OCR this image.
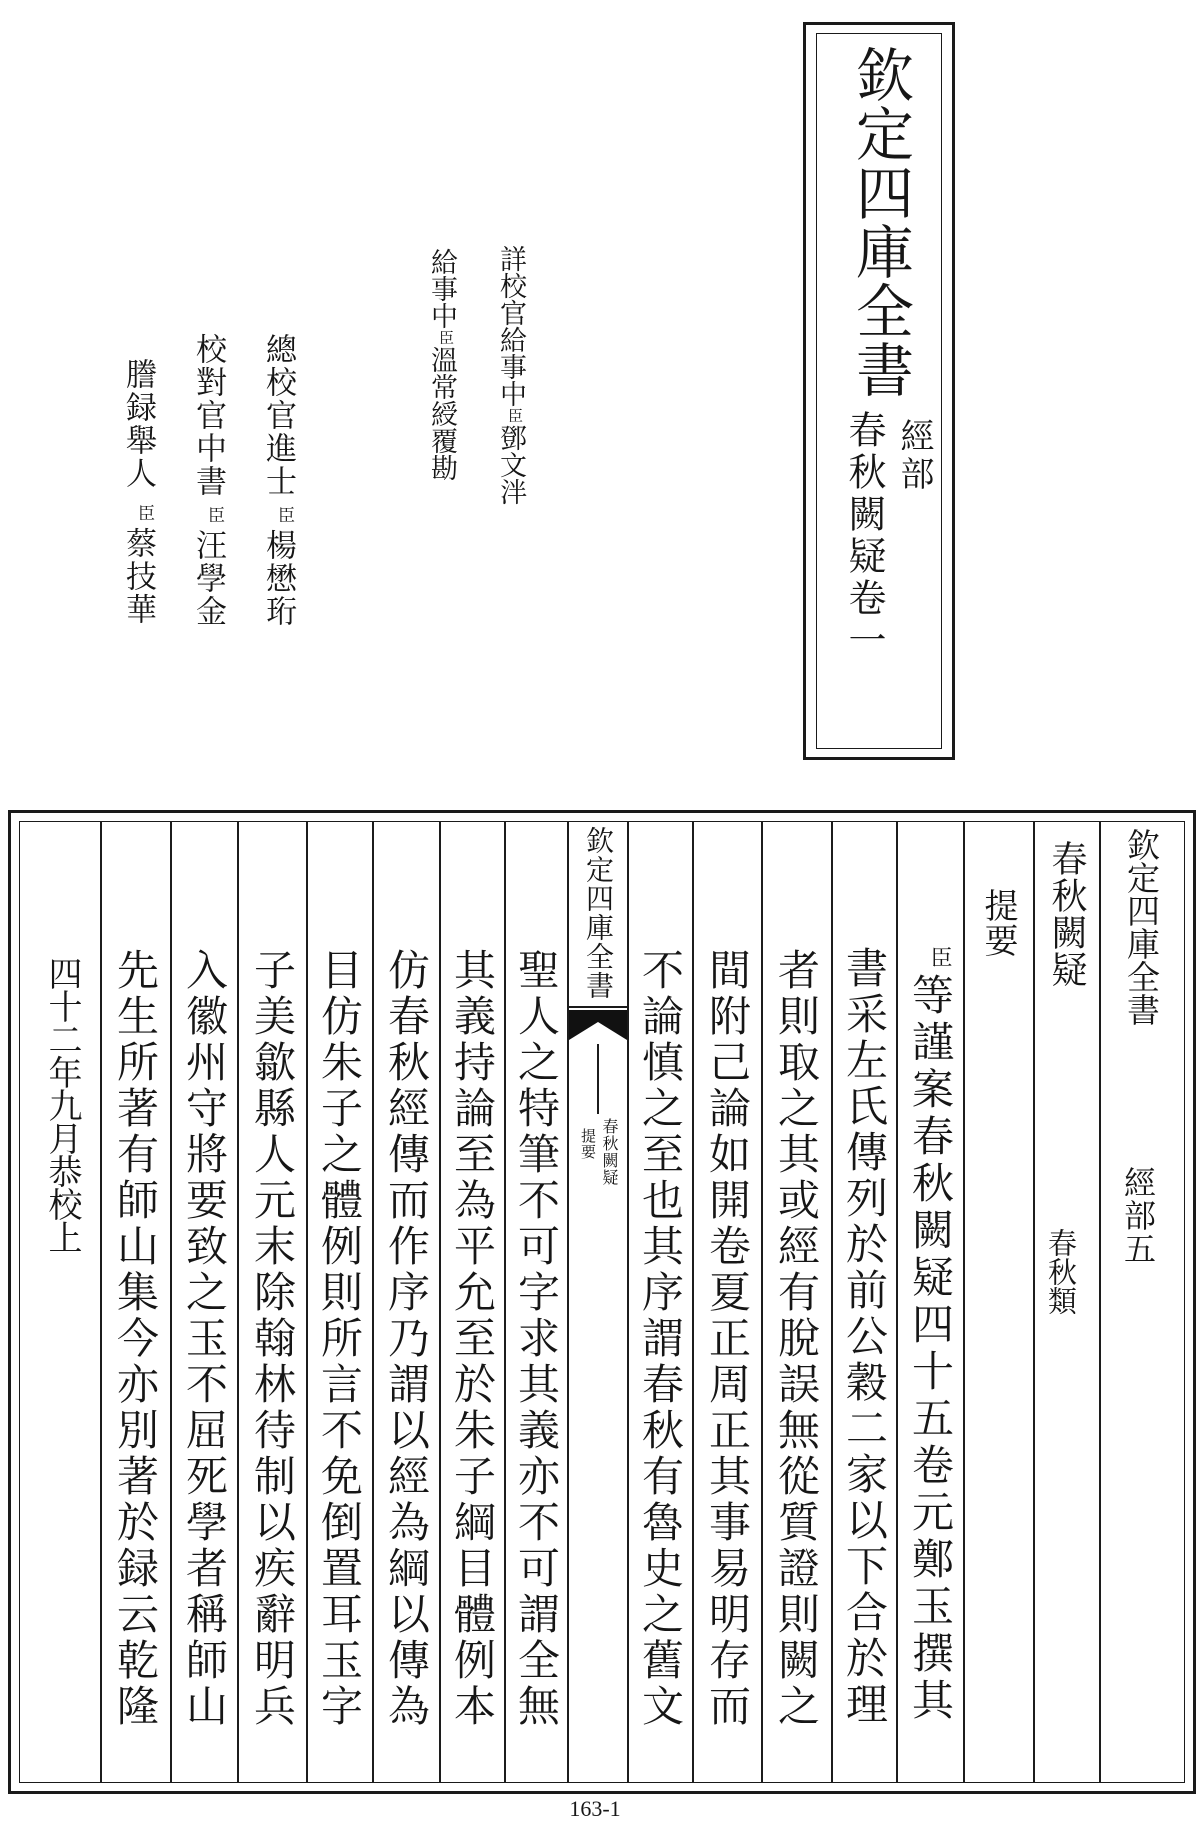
欽定四庫全書
經部
春秋闕疑卷一
詳校官給事中臣鄧文泮
給事中臣溫常綬覆勘
總校官進士臣楊懋珩
校對官中書臣汪學金
謄録舉人臣蔡技華
欽定四庫全書
經部五
春秋闕疑
春秋類
提要
臣等謹案春秋闕疑四十五卷元鄭玉撰其
書采左氏傳列於前公穀二家以下合於理
者則取之其或經有脫誤無從質證則闕之
間附己論如開卷夏正周正其事易明存而
不論慎之至也其序謂春秋有魯史之舊文
欽定四庫全書
春秋闕疑
提要
聖人之特筆不可字求其義亦不可謂全無
其義持論至為平允至於朱子綱目體例本
仿春秋經傳而作序乃謂以經為綱以傳為
目仿朱子之體例則所言不免倒置耳玉字
子美歙縣人元末除翰林待制以疾辭明兵
入徽州守將要致之玉不屈死學者稱師山
先生所著有師山集今亦別著於録云乾隆
四十二年九月恭校上
163-1
